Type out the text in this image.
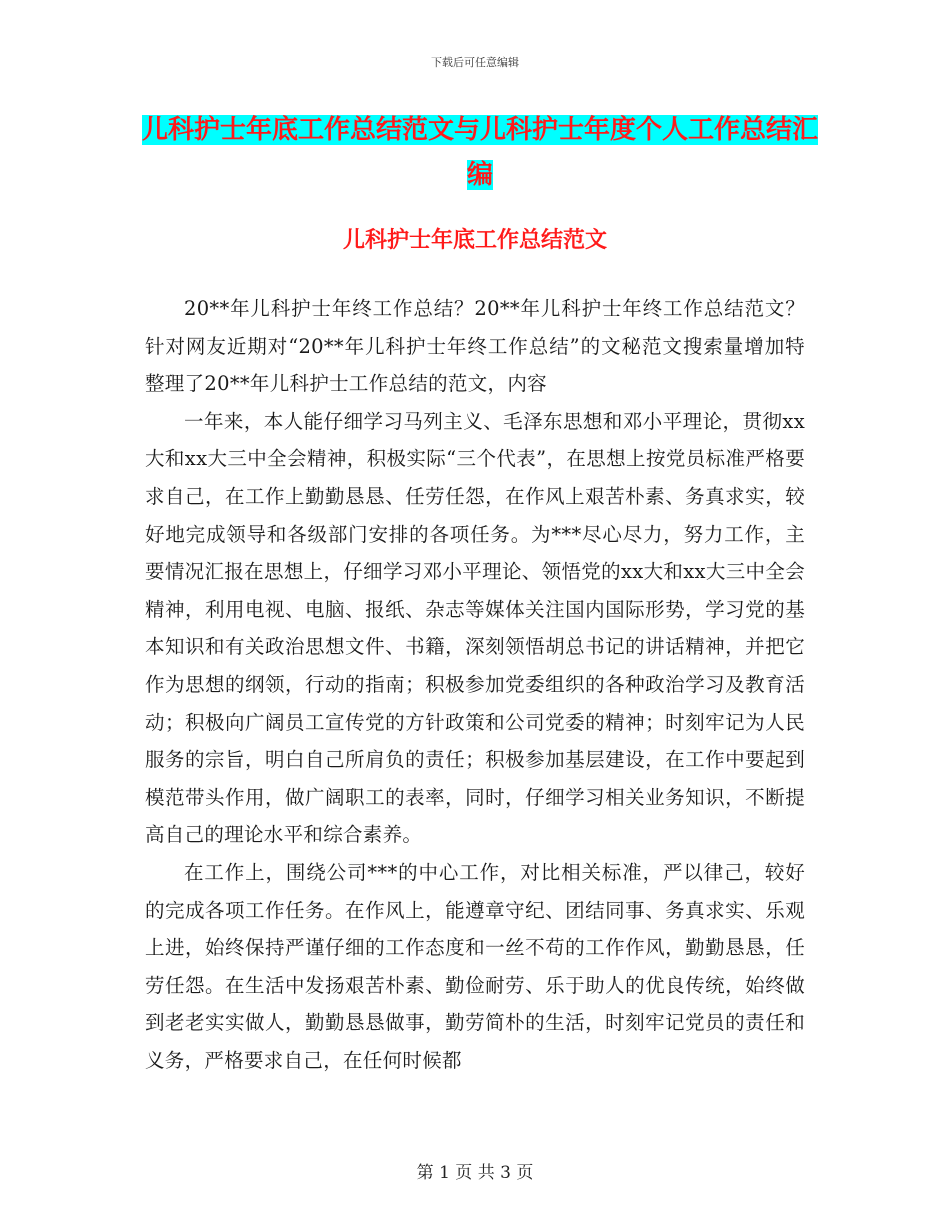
下载后可任意编辑
儿科护士年底工作总结范文与儿科护士年度个人工作总结汇编
儿科护士年底工作总结范文

20**年儿科护士年终工作总结？20**年儿科护士年终工作总结范文？针对网友近期对“20**年儿科护士年终工作总结”的文秘范文搜索量增加特整理了20**年儿科护士工作总结的范文，内容

一年来，本人能仔细学习马列主义、毛泽东思想和邓小平理论，贯彻xx大和xx大三中全会精神，积极实际“三个代表”，在思想上按党员标准严格要求自己，在工作上勤勤恳恳、任劳任怨，在作风上艰苦朴素、务真求实，较好地完成领导和各级部门安排的各项任务。为***尽心尽力，努力工作，主要情况汇报在思想上，仔细学习邓小平理论、领悟党的xx大和xx大三中全会精神，利用电视、电脑、报纸、杂志等媒体关注国内国际形势，学习党的基本知识和有关政治思想文件、书籍，深刻领悟胡总书记的讲话精神，并把它作为思想的纲领，行动的指南；积极参加党委组织的各种政治学习及教育活动；积极向广阔员工宣传党的方针政策和公司党委的精神；时刻牢记为人民服务的宗旨，明白自己所肩负的责任；积极参加基层建设，在工作中要起到模范带头作用，做广阔职工的表率，同时，仔细学习相关业务知识，不断提高自己的理论水平和综合素养。

在工作上，围绕公司***的中心工作，对比相关标准，严以律己，较好的完成各项工作任务。在作风上，能遵章守纪、团结同事、务真求实、乐观上进，始终保持严谨仔细的工作态度和一丝不苟的工作作风，勤勤恳恳，任劳任怨。在生活中发扬艰苦朴素、勤俭耐劳、乐于助人的优良传统，始终做到老老实实做人，勤勤恳恳做事，勤劳简朴的生活，时刻牢记党员的责任和义务，严格要求自己，在任何时候都

第 1 页 共 3 页
